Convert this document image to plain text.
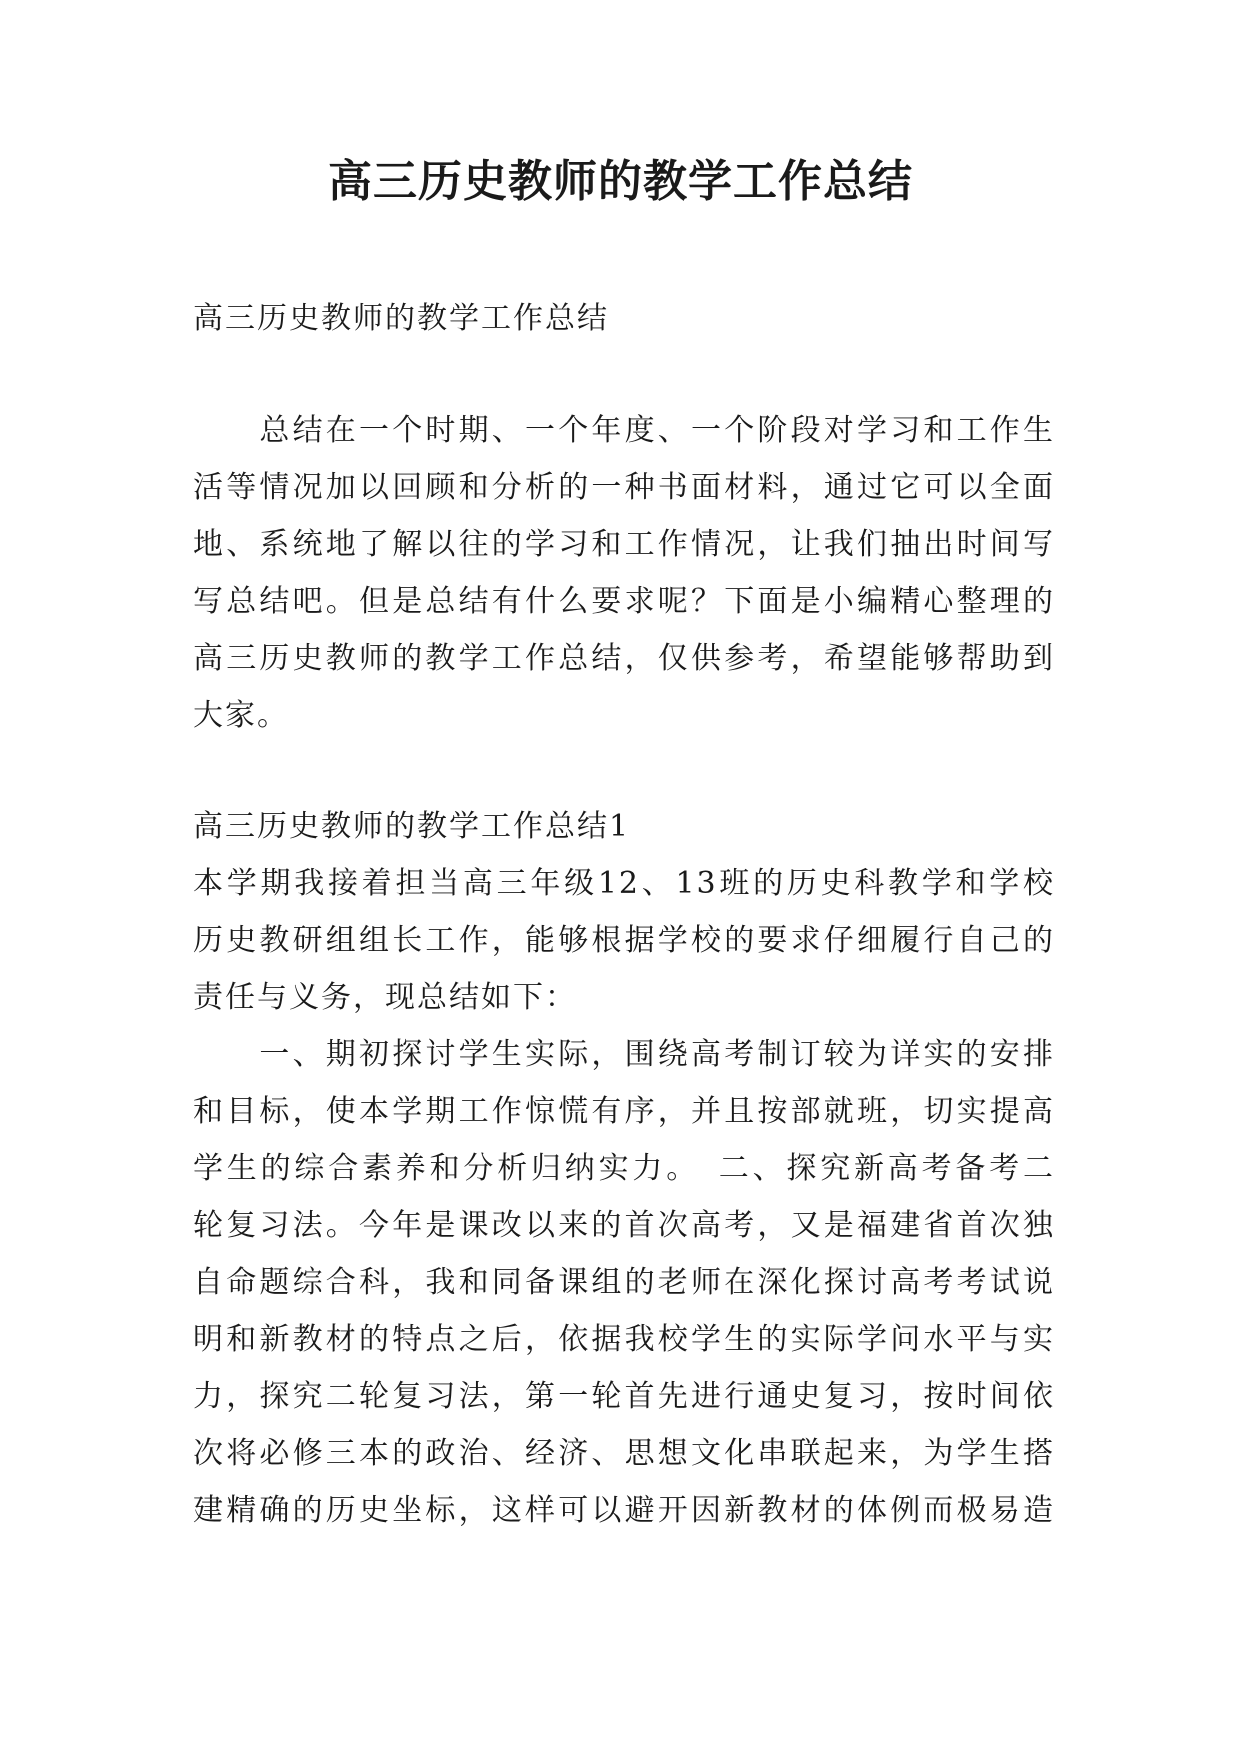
高三历史教师的教学工作总结
高三历史教师的教学工作总结
　　总结在一个时期、一个年度、一个阶段对学习和工作生
活等情况加以回顾和分析的一种书面材料，通过它可以全面
地、系统地了解以往的学习和工作情况，让我们抽出时间写
写总结吧。但是总结有什么要求呢？下面是小编精心整理的
高三历史教师的教学工作总结，仅供参考，希望能够帮助到
大家。
高三历史教师的教学工作总结1
本学期我接着担当高三年级12、13班的历史科教学和学校
历史教研组组长工作，能够根据学校的要求仔细履行自己的
责任与义务，现总结如下：
　　一、期初探讨学生实际，围绕高考制订较为详实的安排
和目标，使本学期工作惊慌有序，并且按部就班，切实提高
学生的综合素养和分析归纳实力。　二、探究新高考备考二
轮复习法。今年是课改以来的首次高考，又是福建省首次独
自命题综合科，我和同备课组的老师在深化探讨高考考试说
明和新教材的特点之后，依据我校学生的实际学问水平与实
力，探究二轮复习法，第一轮首先进行通史复习，按时间依
次将必修三本的政治、经济、思想文化串联起来，为学生搭
建精确的历史坐标，这样可以避开因新教材的体例而极易造
